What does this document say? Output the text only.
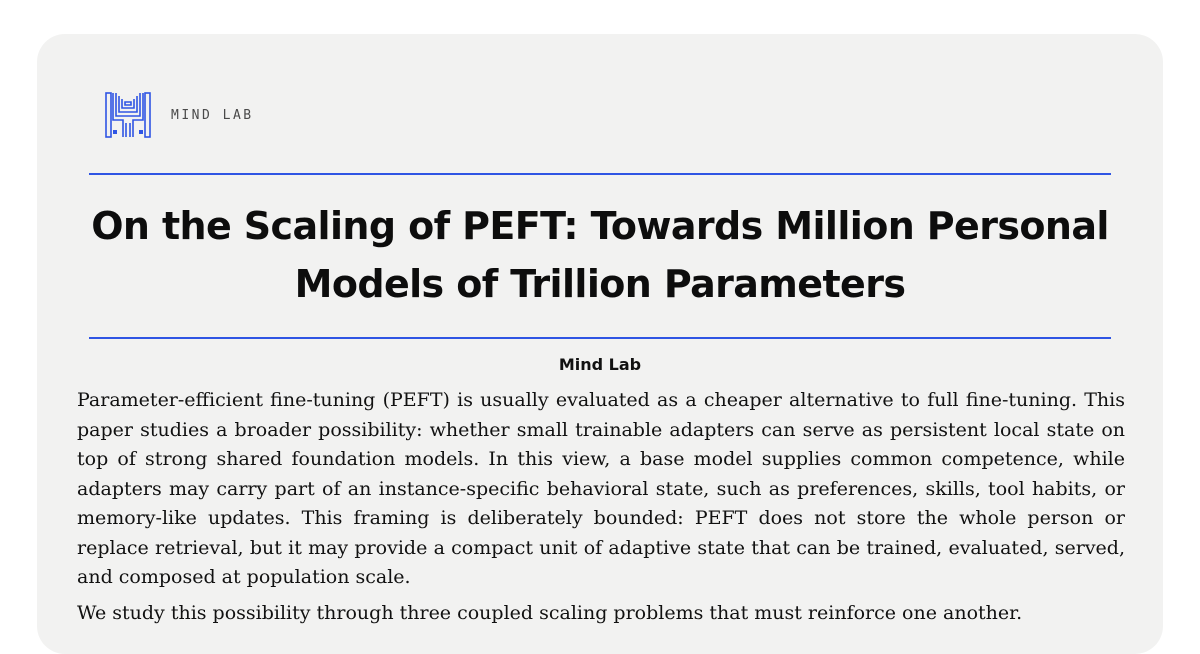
MIND LAB
On the Scaling of PEFT: Towards Million Personal Models of Trillion Parameters
Mind Lab

Parameter-efficient fine-tuning (PEFT) is usually evaluated as a cheaper alternative to full fine-tuning. This paper studies a broader possibility: whether small trainable adapters can serve as persistent local state on top of strong shared foundation models. In this view, a base model supplies common competence, while adapters may carry part of an instance-specific behavioral state, such as preferences, skills, tool habits, or memory-like updates. This framing is deliberately bounded: PEFT does not store the whole person or replace retrieval, but it may provide a compact unit of adaptive state that can be trained, evaluated, served, and composed at population scale.

We study this possibility through three coupled scaling problems that must reinforce one another.
